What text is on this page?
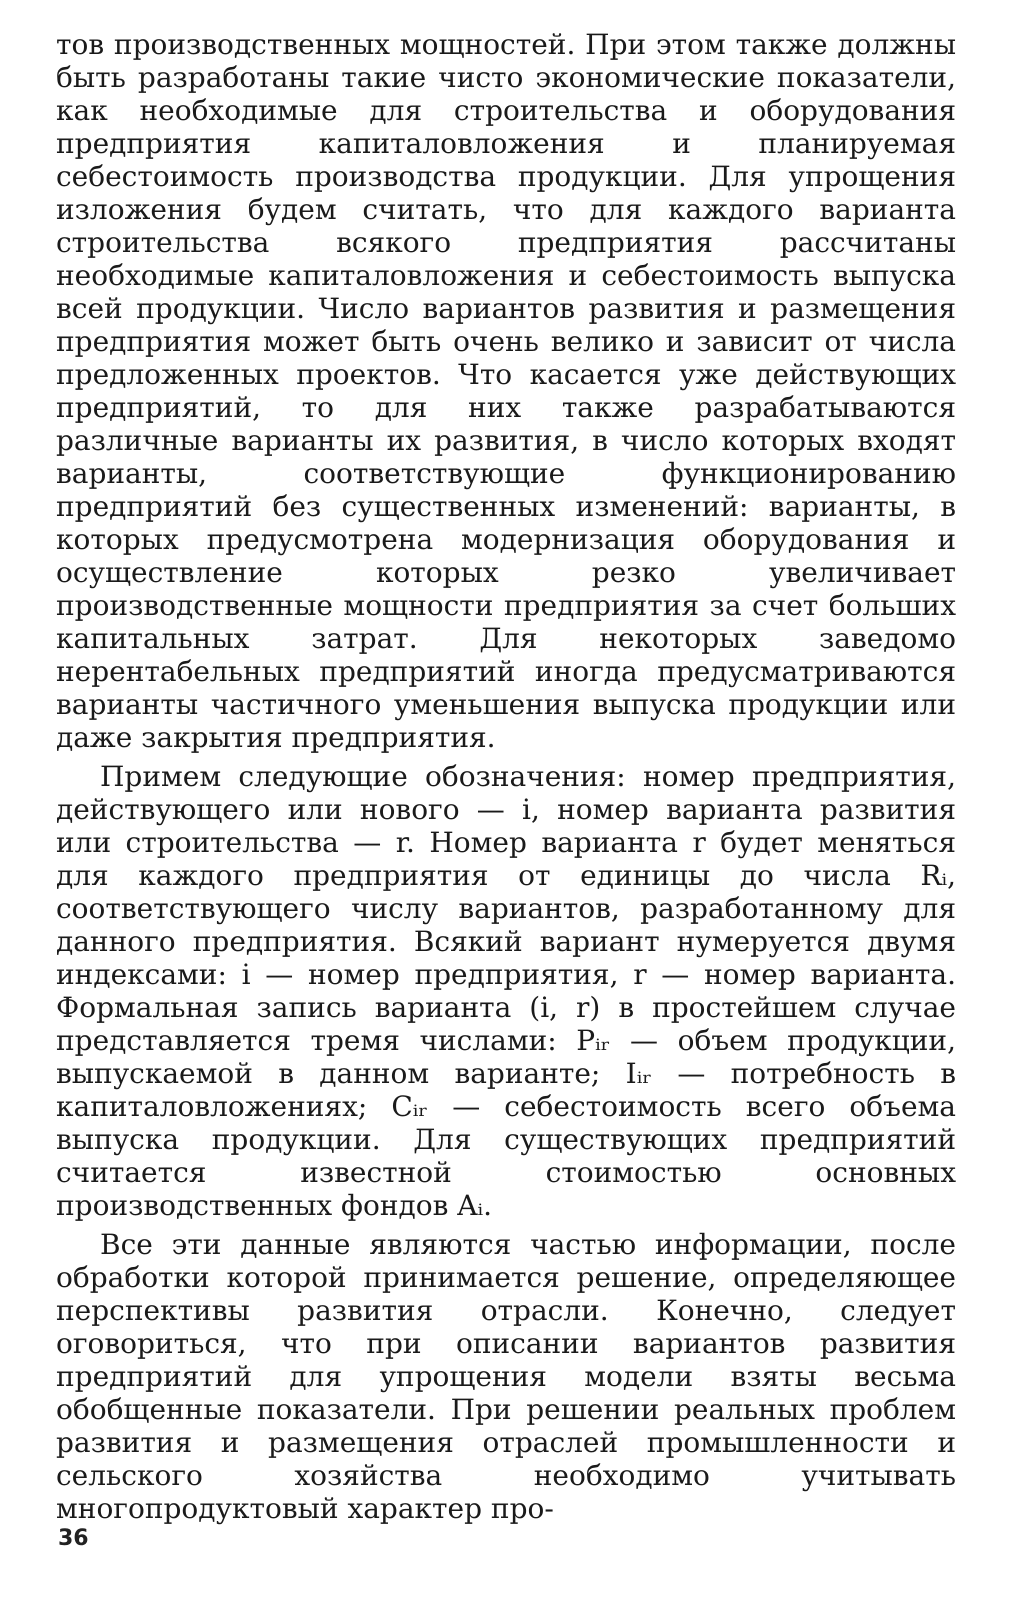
тов производственных мощностей. При этом также должны быть разработаны такие чисто экономические показатели, как необходимые для строительства и оборудования предприятия капиталовложения и планируемая себестоимость производства продукции. Для упрощения изложения будем считать, что для каждого варианта строительства всякого предприятия рассчитаны необходимые капиталовложения и себестоимость выпуска всей продукции. Число вариантов развития и размещения предприятия может быть очень велико и зависит от числа предложенных проектов. Что касается уже действующих предприятий, то для них также разрабатываются различные варианты их развития, в число которых входят варианты, соответствующие функционированию предприятий без существенных изменений: варианты, в которых предусмотрена модернизация оборудования и осуществление которых резко увеличивает производственные мощности предприятия за счет больших капитальных затрат. Для некоторых заведомо нерентабельных предприятий иногда предусматриваются варианты частичного уменьшения выпуска продукции или даже закрытия предприятия.

Примем следующие обозначения: номер предприятия, действующего или нового — i, номер варианта развития или строительства — r. Номер варианта r будет меняться для каждого предприятия от единицы до числа Rᵢ, соответствующего числу вариантов, разработанному для данного предприятия. Всякий вариант нумеруется двумя индексами: i — номер предприятия, r — номер варианта. Формальная запись варианта (i, r) в простейшем случае представляется тремя числами: Pᵢᵣ — объем продукции, выпускаемой в данном варианте; Iᵢᵣ — потребность в капиталовложениях; Cᵢᵣ — себестоимость всего объема выпуска продукции. Для существующих предприятий считается известной стоимостью основных производственных фондов Aᵢ.

Все эти данные являются частью информации, после обработки которой принимается решение, определяющее перспективы развития отрасли. Конечно, следует оговориться, что при описании вариантов развития предприятий для упрощения модели взяты весьма обобщенные показатели. При решении реальных проблем развития и размещения отраслей промышленности и сельского хозяйства необходимо учитывать многопродуктовый характер про-

36
